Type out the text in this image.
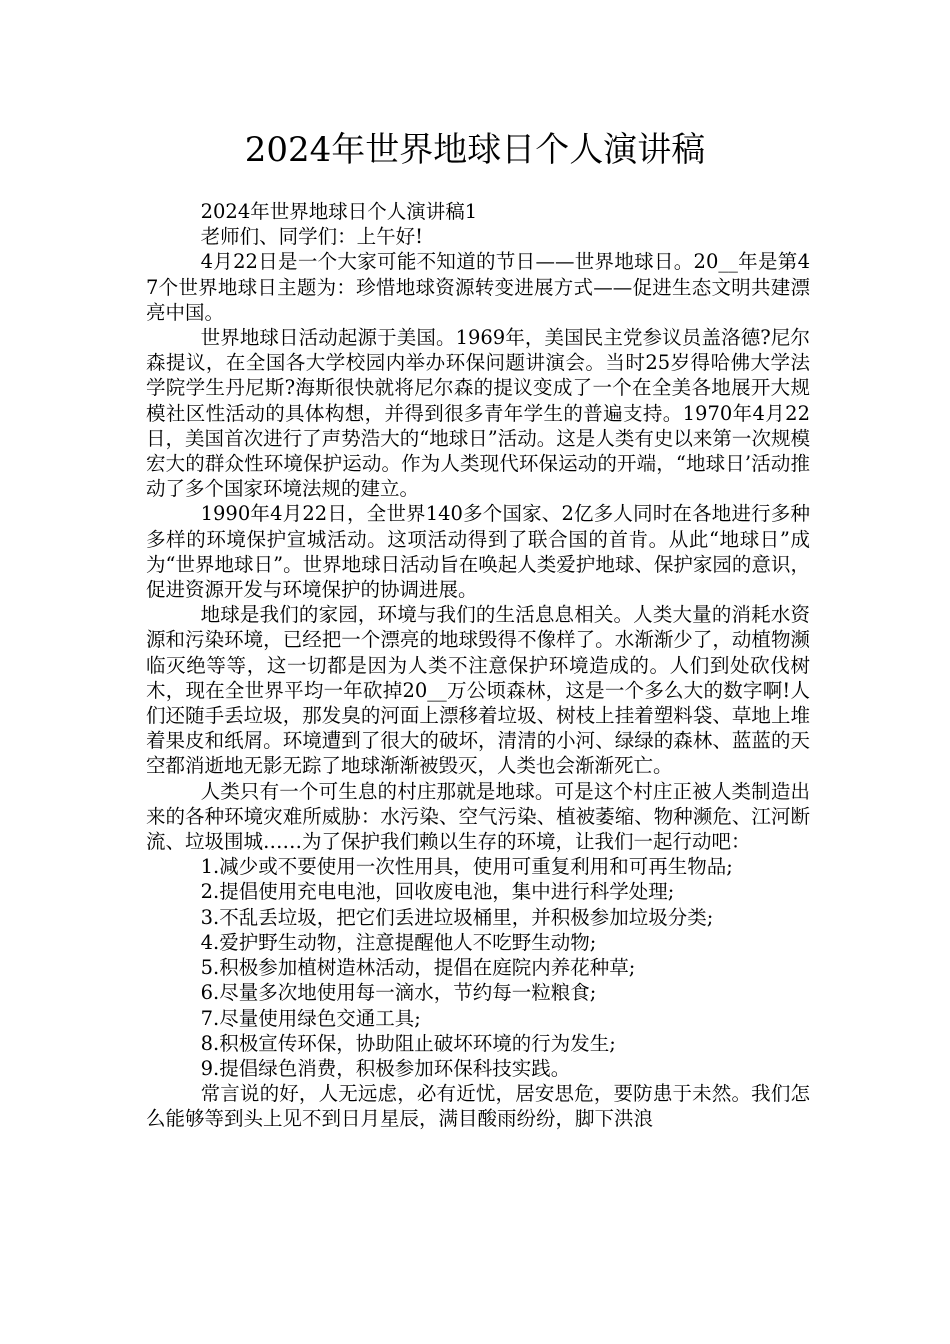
2024年世界地球日个人演讲稿

2024年世界地球日个人演讲稿1

老师们、同学们：上午好!

4月22日是一个大家可能不知道的节日——世界地球日。20__年是第47个世界地球日主题为：珍惜地球资源转变进展方式——促进生态文明共建漂亮中国。

世界地球日活动起源于美国。1969年，美国民主党参议员盖洛德?尼尔森提议，在全国各大学校园内举办环保问题讲演会。当时25岁得哈佛大学法学院学生丹尼斯?海斯很快就将尼尔森的提议变成了一个在全美各地展开大规模社区性活动的具体构想，并得到很多青年学生的普遍支持。1970年4月22日，美国首次进行了声势浩大的“地球日”活动。这是人类有史以来第一次规模宏大的群众性环境保护运动。作为人类现代环保运动的开端，“地球日’活动推动了多个国家环境法规的建立。

1990年4月22日，全世界140多个国家、2亿多人同时在各地进行多种多样的环境保护宣城活动。这项活动得到了联合国的首肯。从此“地球日”成为“世界地球日”。世界地球日活动旨在唤起人类爱护地球、保护家园的意识，促进资源开发与环境保护的协调进展。

地球是我们的家园，环境与我们的生活息息相关。人类大量的消耗水资源和污染环境，已经把一个漂亮的地球毁得不像样了。水渐渐少了，动植物濒临灭绝等等，这一切都是因为人类不注意保护环境造成的。人们到处砍伐树木，现在全世界平均一年砍掉20__万公顷森林，这是一个多么大的数字啊!人们还随手丢垃圾，那发臭的河面上漂移着垃圾、树枝上挂着塑料袋、草地上堆着果皮和纸屑。环境遭到了很大的破坏，清清的小河、绿绿的森林、蓝蓝的天空都消逝地无影无踪了地球渐渐被毁灭，人类也会渐渐死亡。

人类只有一个可生息的村庄那就是地球。可是这个村庄正被人类制造出来的各种环境灾难所威胁：水污染、空气污染、植被萎缩、物种濒危、江河断流、垃圾围城……为了保护我们赖以生存的环境，让我们一起行动吧：

1.减少或不要使用一次性用具，使用可重复利用和可再生物品;

2.提倡使用充电电池，回收废电池，集中进行科学处理;

3.不乱丢垃圾，把它们丢进垃圾桶里，并积极参加垃圾分类;

4.爱护野生动物，注意提醒他人不吃野生动物;

5.积极参加植树造林活动，提倡在庭院内养花种草;

6.尽量多次地使用每一滴水，节约每一粒粮食;

7.尽量使用绿色交通工具;

8.积极宣传环保，协助阻止破坏环境的行为发生;

9.提倡绿色消费，积极参加环保科技实践。

常言说的好，人无远虑，必有近忧，居安思危，要防患于未然。我们怎么能够等到头上见不到日月星辰，满目酸雨纷纷，脚下洪浪
